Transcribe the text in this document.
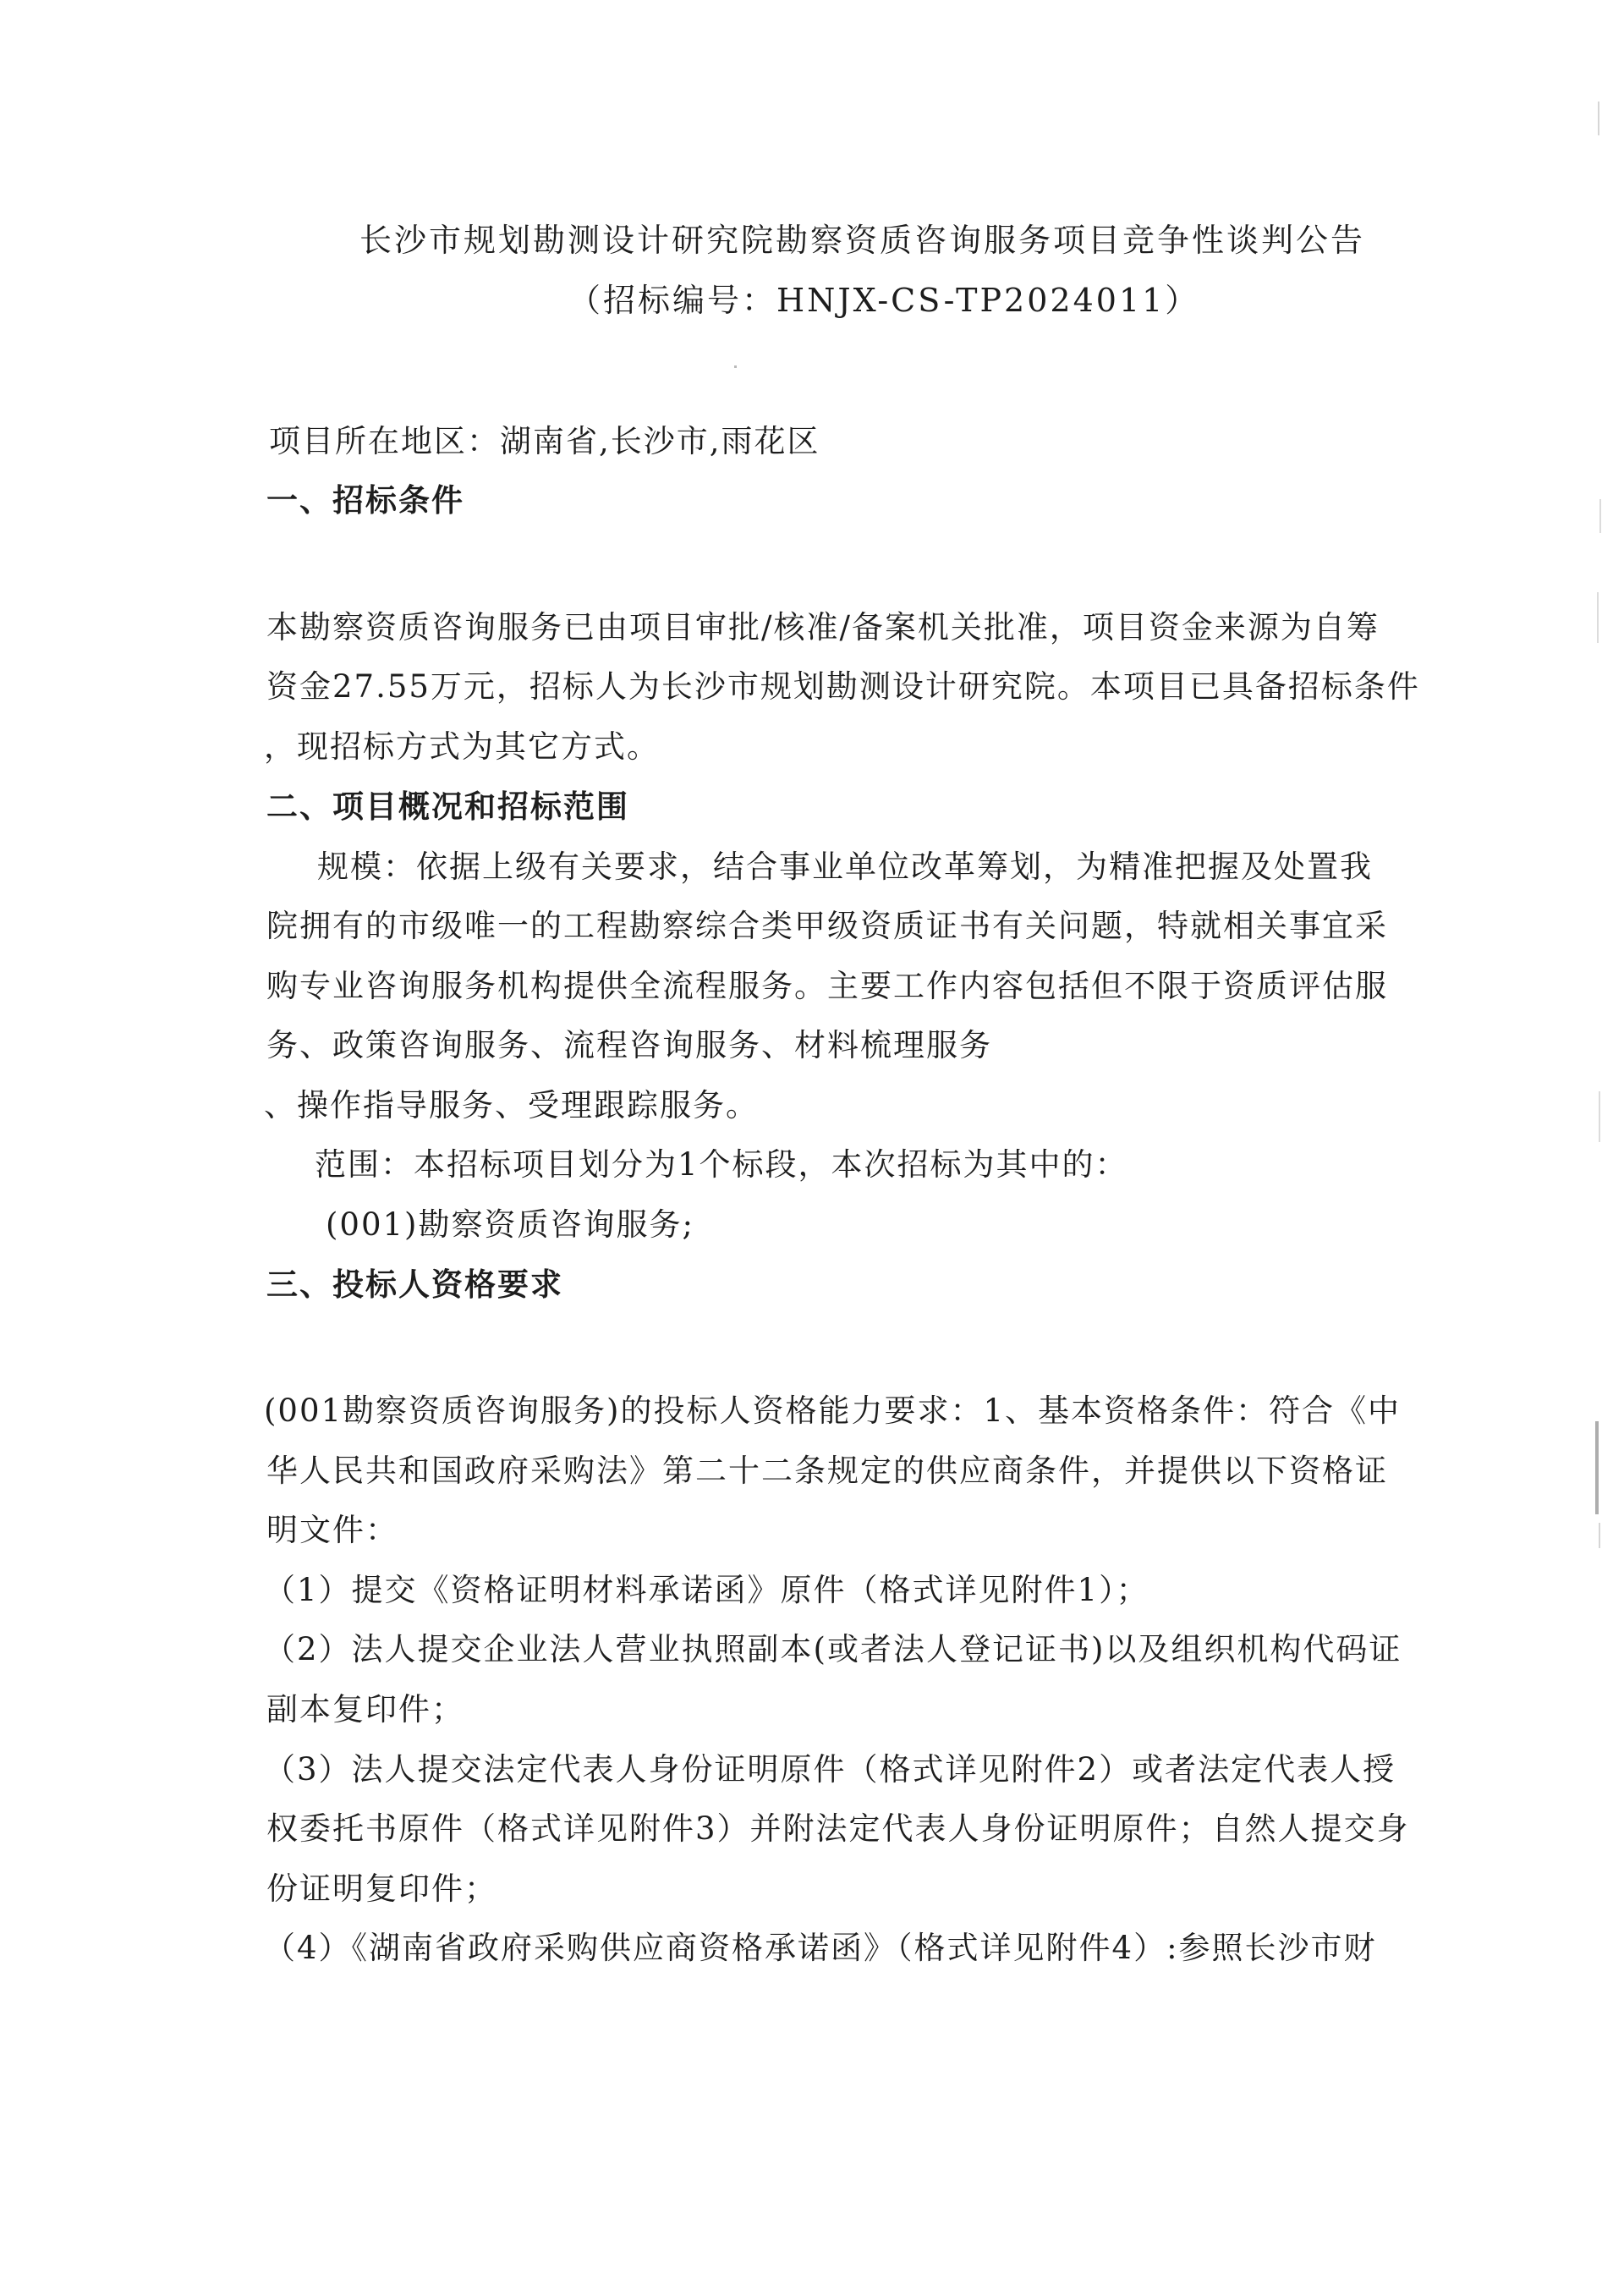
长沙市规划勘测设计研究院勘察资质咨询服务项目竞争性谈判公告
（招标编号：HNJX-CS-TP2024011）
项目所在地区：湖南省,长沙市,雨花区
一、招标条件
本勘察资质咨询服务已由项目审批/核准/备案机关批准，项目资金来源为自筹
资金27.55万元，招标人为长沙市规划勘测设计研究院。本项目已具备招标条件
，现招标方式为其它方式。
二、项目概况和招标范围
规模：依据上级有关要求，结合事业单位改革筹划，为精准把握及处置我
院拥有的市级唯一的工程勘察综合类甲级资质证书有关问题，特就相关事宜采
购专业咨询服务机构提供全流程服务。主要工作内容包括但不限于资质评估服
务、政策咨询服务、流程咨询服务、材料梳理服务
、操作指导服务、受理跟踪服务。
范围：本招标项目划分为1个标段，本次招标为其中的：
(001)勘察资质咨询服务;
三、投标人资格要求
(001勘察资质咨询服务)的投标人资格能力要求：1、基本资格条件：符合《中
华人民共和国政府采购法》第二十二条规定的供应商条件，并提供以下资格证
明文件：
（1）提交《资格证明材料承诺函》原件（格式详见附件1）；
（2）法人提交企业法人营业执照副本(或者法人登记证书)以及组织机构代码证
副本复印件；
（3）法人提交法定代表人身份证明原件（格式详见附件2）或者法定代表人授
权委托书原件（格式详见附件3）并附法定代表人身份证明原件；自然人提交身
份证明复印件；
（4）《湖南省政府采购供应商资格承诺函》（格式详见附件4）:参照长沙市财
